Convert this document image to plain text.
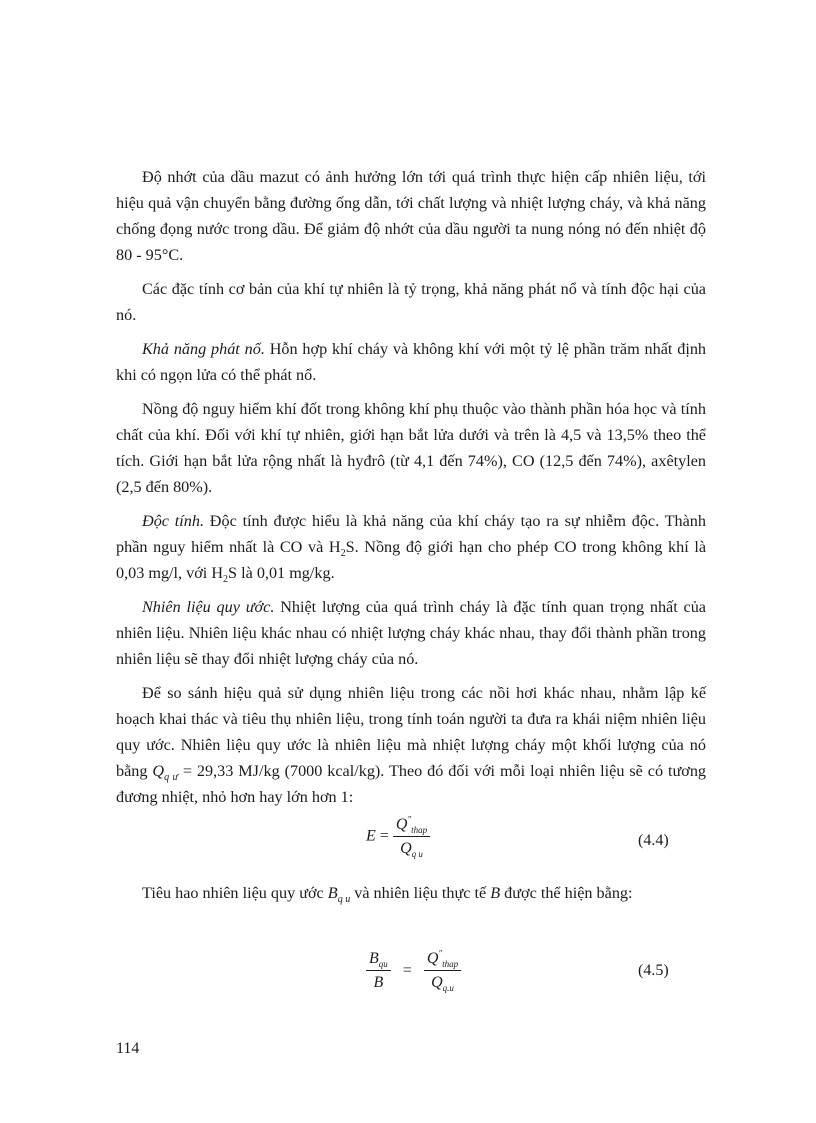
Độ nhớt của dầu mazut có ảnh hưởng lớn tới quá trình thực hiện cấp nhiên liệu, tới hiệu quả vận chuyển bằng đường ống dẫn, tới chất lượng và nhiệt lượng cháy, và khả năng chống đọng nước trong dầu. Để giảm độ nhớt của dầu người ta nung nóng nó đến nhiệt độ 80 - 95°C.

Các đặc tính cơ bản của khí tự nhiên là tỷ trọng, khả năng phát nổ và tính độc hại của nó.

Khả năng phát nổ. Hỗn hợp khí cháy và không khí với một tỷ lệ phần trăm nhất định khi có ngọn lửa có thể phát nổ.

Nồng độ nguy hiểm khí đốt trong không khí phụ thuộc vào thành phần hóa học và tính chất của khí. Đối với khí tự nhiên, giới hạn bắt lửa dưới và trên là 4,5 và 13,5% theo thể tích. Giới hạn bắt lửa rộng nhất là hyđrô (từ 4,1 đến 74%), CO (12,5 đến 74%), axêtylen (2,5 đến 80%).

Độc tính. Độc tính được hiểu là khả năng của khí cháy tạo ra sự nhiễm độc. Thành phần nguy hiểm nhất là CO và $H_2S$. Nồng độ giới hạn cho phép CO trong không khí là 0,03 mg/l, với $H_2S$ là 0,01 mg/kg.

Nhiên liệu quy ước. Nhiệt lượng của quá trình cháy là đặc tính quan trọng nhất của nhiên liệu. Nhiên liệu khác nhau có nhiệt lượng cháy khác nhau, thay đổi thành phần trong nhiên liệu sẽ thay đổi nhiệt lượng cháy của nó.

Để so sánh hiệu quả sử dụng nhiên liệu trong các nồi hơi khác nhau, nhằm lập kế hoạch khai thác và tiêu thụ nhiên liệu, trong tính toán người ta đưa ra khái niệm nhiên liệu quy ước. Nhiên liệu quy ước là nhiên liệu mà nhiệt lượng cháy một khối lượng của nó bằng $Q_{q ư} = 29,33$ MJ/kg (7000 kcal/kg). Theo đó đối với mỗi loại nhiên liệu sẽ có tương đương nhiệt, nhỏ hơn hay lớn hơn 1:

$E = \frac{Q^"_{thap}}{Q_{q u}}$	(4.4)

Tiêu hao nhiên liệu quy ước $B_{q u}$ và nhiên liệu thực tế B được thể hiện bằng:

$\frac{B_{qu}}{B} = \frac{Q^"_{thap}}{Q_{q.u}}$	(4.5)
114
